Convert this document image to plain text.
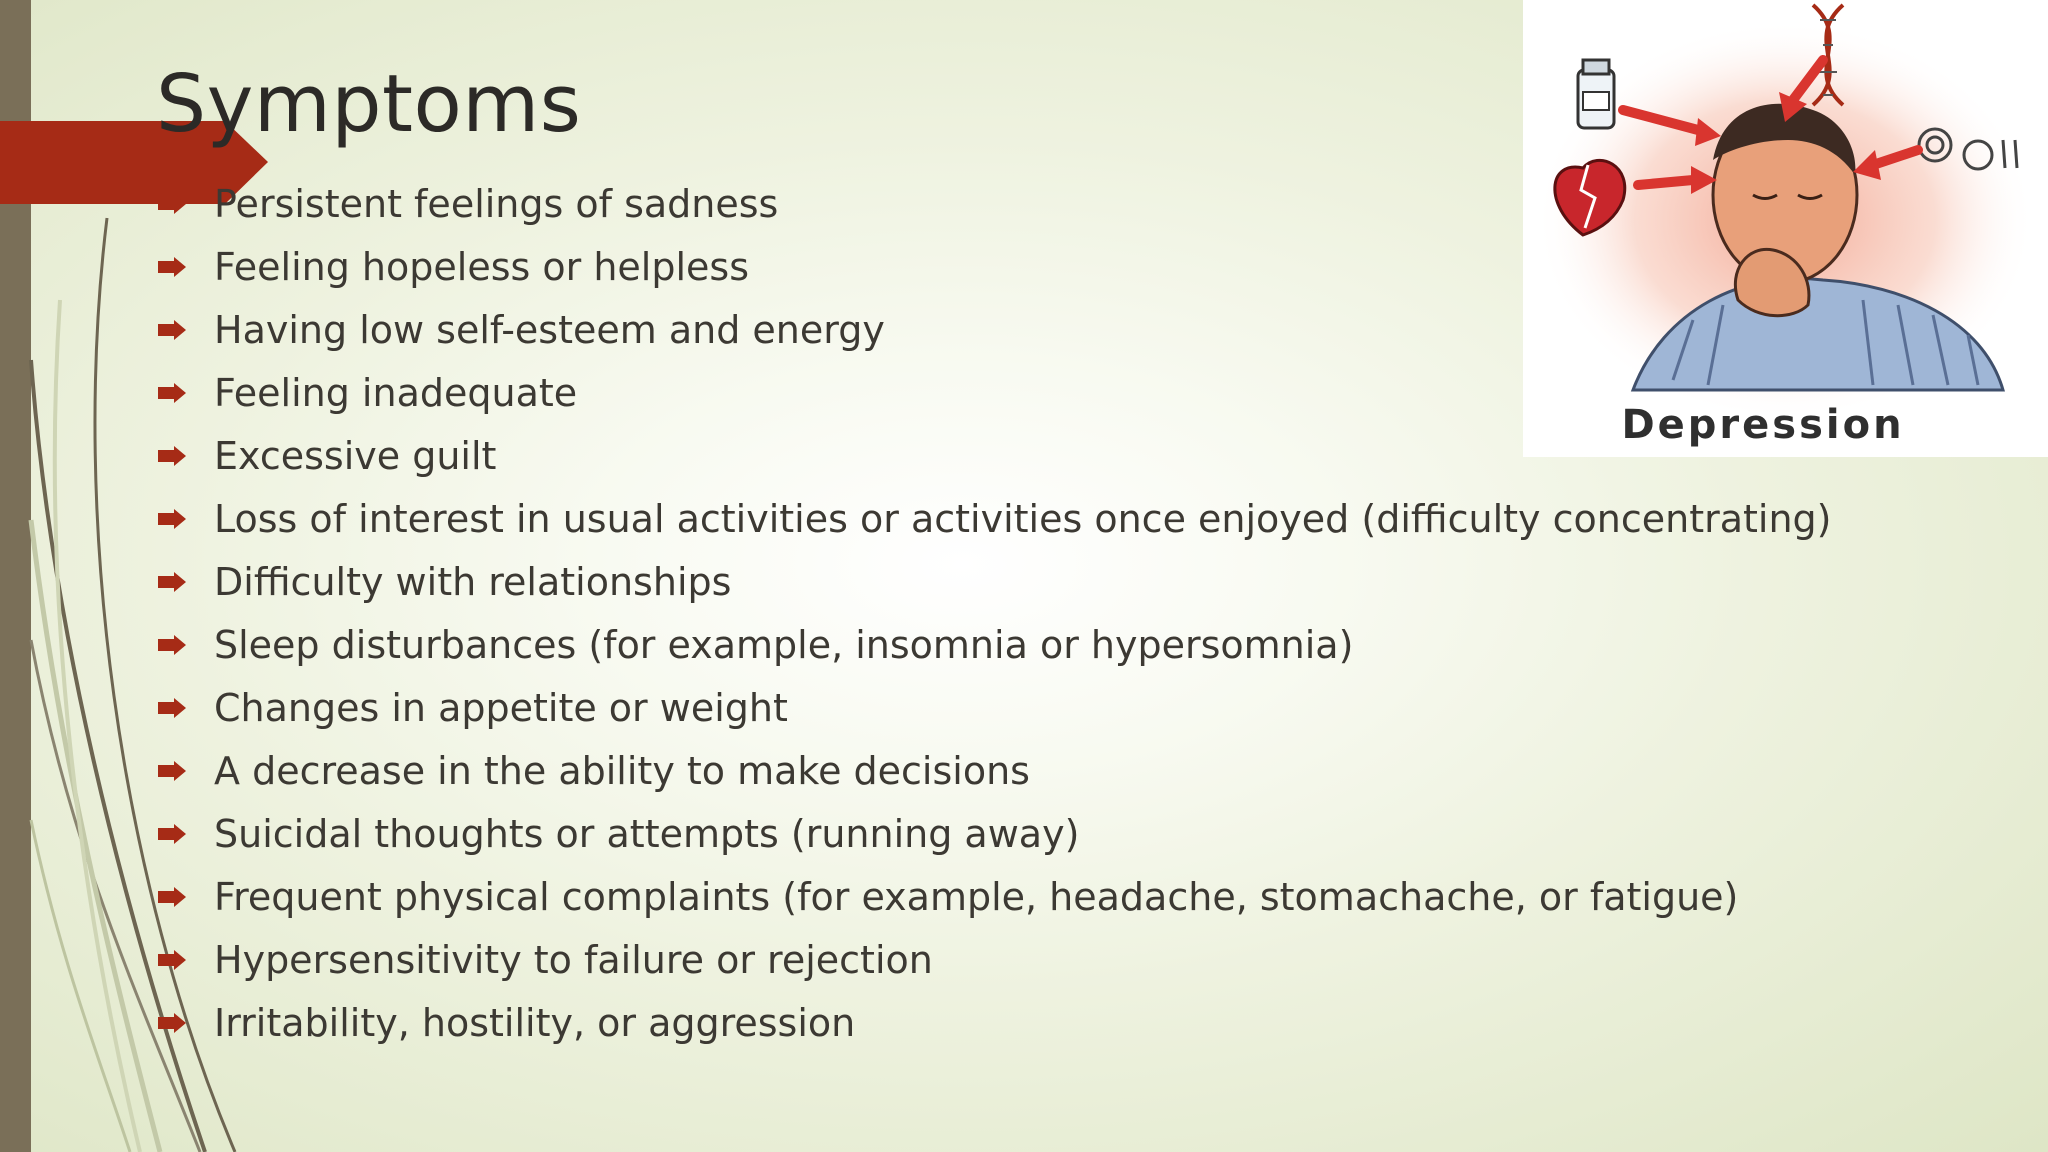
Symptoms
Persistent feelings of sadness
Feeling hopeless or helpless
Having low self-esteem and energy
Feeling inadequate
Excessive guilt
Loss of interest in usual activities or activities once enjoyed (difficulty concentrating)
Difficulty with relationships
Sleep disturbances (for example, insomnia or hypersomnia)
Changes in appetite or weight
A decrease in the ability to make decisions
Suicidal thoughts or attempts (running away)
Frequent physical complaints (for example, headache, stomachache, or fatigue)
Hypersensitivity to failure or rejection
Irritability, hostility, or aggression
Depression
